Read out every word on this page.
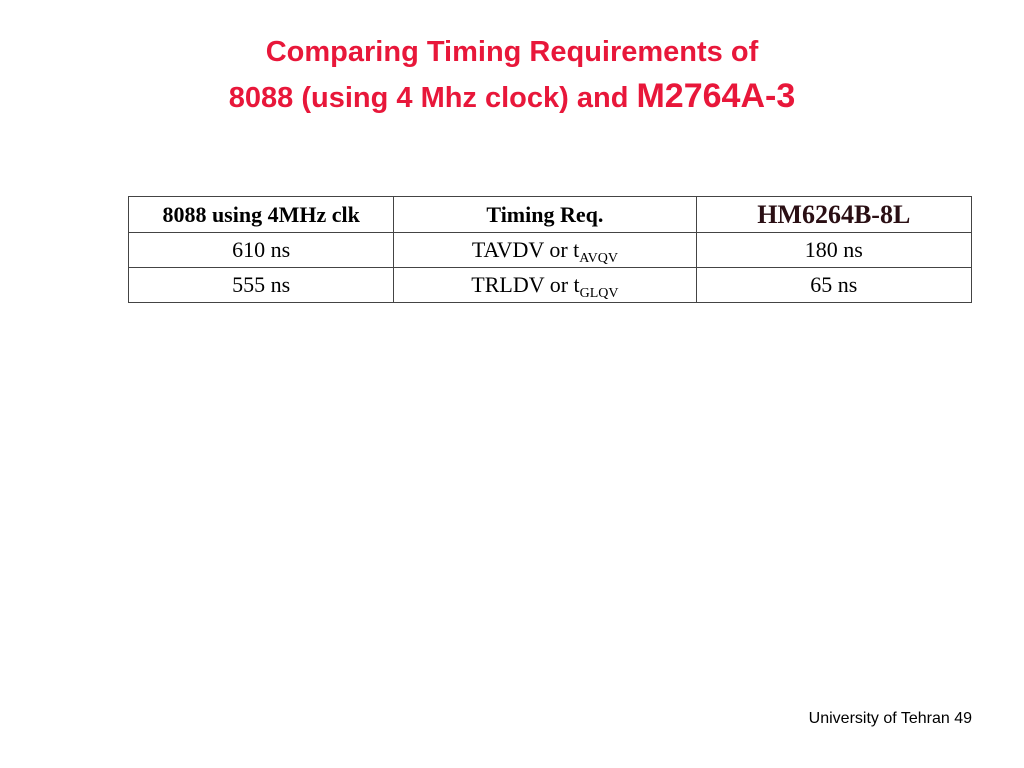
Comparing Timing Requirements of
8088 (using 4 Mhz clock) and M2764A-3
8088 using 4MHz clk	Timing Req.	HM6264B-8L
610 ns	TAVDV or $t_{AVQV}$	180 ns
555 ns	TRLDV or $t_{GLQV}$	65 ns
University of Tehran 49
